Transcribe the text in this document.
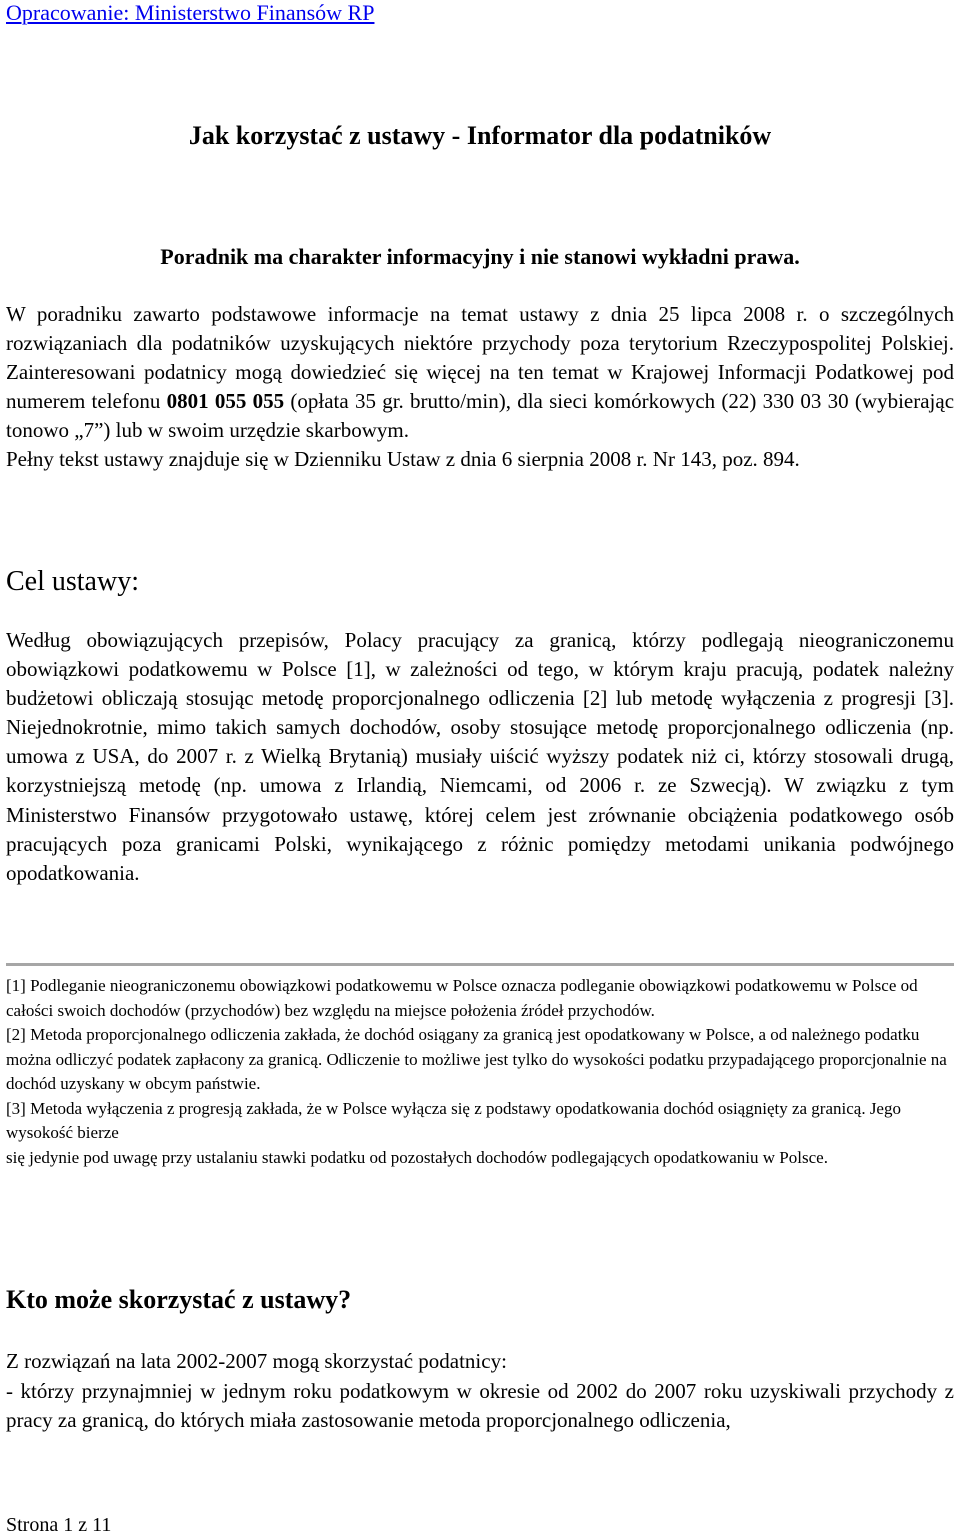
Opracowanie: Ministerstwo Finansów RP
Jak korzystać z ustawy - Informator dla podatników
Poradnik ma charakter informacyjny i nie stanowi wykładni prawa.

W poradniku zawarto podstawowe informacje na temat ustawy z dnia 25 lipca 2008 r. o szczególnych rozwiązaniach dla podatników uzyskujących niektóre przychody poza terytorium Rzeczypospolitej Polskiej. Zainteresowani podatnicy mogą dowiedzieć się więcej na ten temat w Krajowej Informacji Podatkowej pod numerem telefonu 0801 055 055 (opłata 35 gr. brutto/min), dla sieci komórkowych (22) 330 03 30 (wybierając tonowo „7”) lub w swoim urzędzie skarbowym.

Pełny tekst ustawy znajduje się w Dzienniku Ustaw z dnia 6 sierpnia 2008 r. Nr 143, poz. 894.

Cel ustawy:

Według obowiązujących przepisów, Polacy pracujący za granicą, którzy podlegają nieograniczonemu obowiązkowi podatkowemu w Polsce [1], w zależności od tego, w którym kraju pracują, podatek należny budżetowi obliczają stosując metodę proporcjonalnego odliczenia [2] lub metodę wyłączenia z progresji [3]. Niejednokrotnie, mimo takich samych dochodów, osoby stosujące metodę proporcjonalnego odliczenia (np. umowa z USA, do 2007 r. z Wielką Brytanią) musiały uiścić wyższy podatek niż ci, którzy stosowali drugą, korzystniejszą metodę (np. umowa z Irlandią, Niemcami, od 2006 r. ze Szwecją). W związku z tym Ministerstwo Finansów przygotowało ustawę, której celem jest zrównanie obciążenia podatkowego osób pracujących poza granicami Polski, wynikającego z różnic pomiędzy metodami unikania podwójnego opodatkowania.

[1] Podleganie nieograniczonemu obowiązkowi podatkowemu w Polsce oznacza podleganie obowiązkowi podatkowemu w Polsce od całości swoich dochodów (przychodów) bez względu na miejsce położenia źródeł przychodów.

[2] Metoda proporcjonalnego odliczenia zakłada, że dochód osiągany za granicą jest opodatkowany w Polsce, a od należnego podatku można odliczyć podatek zapłacony za granicą. Odliczenie to możliwe jest tylko do wysokości podatku przypadającego proporcjonalnie na dochód uzyskany w obcym państwie.

[3] Metoda wyłączenia z progresją zakłada, że w Polsce wyłącza się z podstawy opodatkowania dochód osiągnięty za granicą. Jego wysokość bierze

się jedynie pod uwagę przy ustalaniu stawki podatku od pozostałych dochodów podlegających opodatkowaniu w Polsce.

Kto może skorzystać z ustawy?

Z rozwiązań na lata 2002-2007 mogą skorzystać podatnicy:

- którzy przynajmniej w jednym roku podatkowym w okresie od 2002 do 2007 roku uzyskiwali przychody z pracy za granicą, do których miała zastosowanie metoda proporcjonalnego odliczenia,

Strona 1 z 11
